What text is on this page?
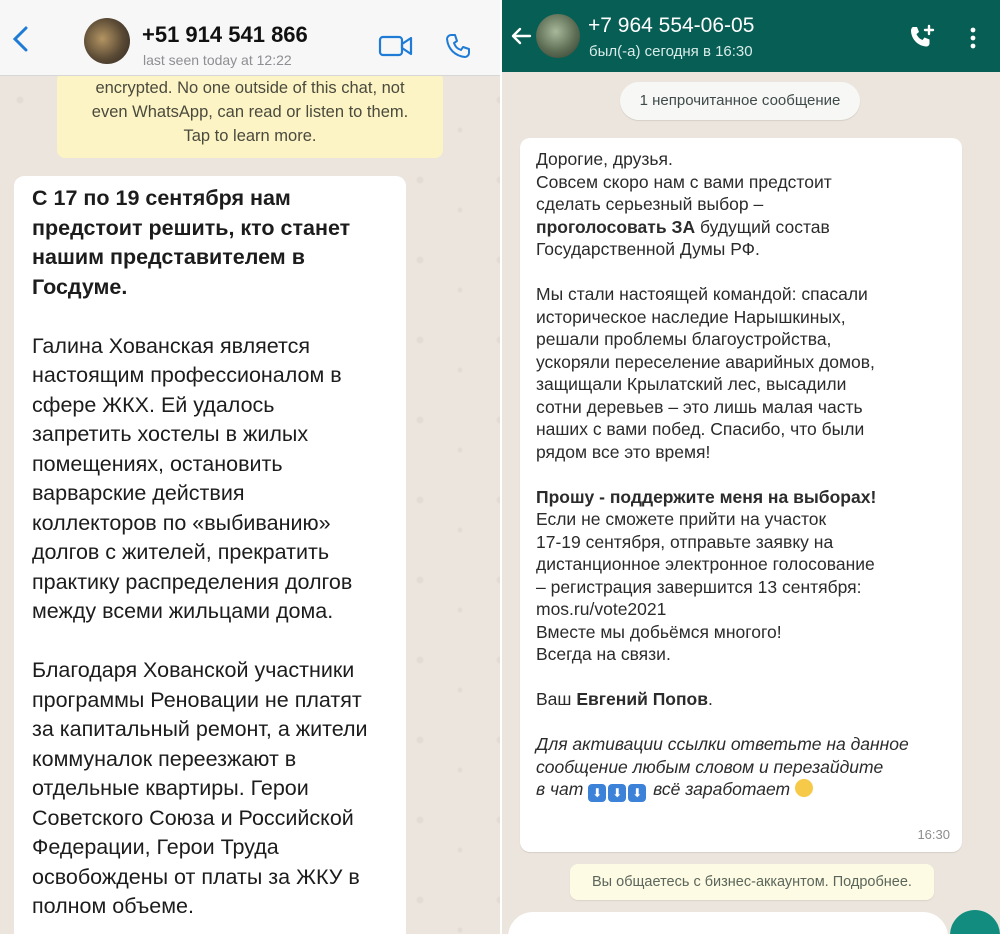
+51 914 541 866
last seen today at 12:22
encrypted. No one outside of this chat, not
even WhatsApp, can read or listen to them.
Tap to learn more.

С 17 по 19 сентября нам
предстоит решить, кто станет
нашим представителем в
Госдуме.

Галина Хованская является
настоящим профессионалом в
сфере ЖКХ. Ей удалось
запретить хостелы в жилых
помещениях, остановить
варварские действия
коллекторов по «выбиванию»
долгов с жителей, прекратить
практику распределения долгов
между всеми жильцами дома.

Благодаря Хованской участники
программы Реновации не платят
за капитальный ремонт, а жители
коммуналок переезжают в
отдельные квартиры. Герои
Советского Союза и Российской
Федерации, Герои Труда
освобождены от платы за ЖКУ в
полном объеме.

+7 964 554-06-05
был(-а) сегодня в 16:30
1 непрочитанное сообщение
Дорогие, друзья.
Совсем скоро нам с вами предстоит
сделать серьезный выбор –
проголосовать ЗА будущий состав
Государственной Думы РФ.
Мы стали настоящей командой: спасали
историческое наследие Нарышкиных,
решали проблемы благоустройства,
ускоряли переселение аварийных домов,
защищали Крылатский лес, высадили
сотни деревьев – это лишь малая часть
наших с вами побед. Спасибо, что были
рядом все это время!
Прошу - поддержите меня на выборах!
Если не сможете прийти на участок
17-19 сентября, отправьте заявку на
дистанционное электронное голосование
– регистрация завершится 13 сентября:
mos.ru/vote2021
Вместе мы добьёмся многого!
Всегда на связи.
Ваш Евгений Попов.
Для активации ссылки ответьте на данное
сообщение любым словом и перезайдите
в чат ⬇ ⬇ ⬇ всё заработает
16:30
Вы общаетесь с бизнес-аккаунтом. Подробнее.
